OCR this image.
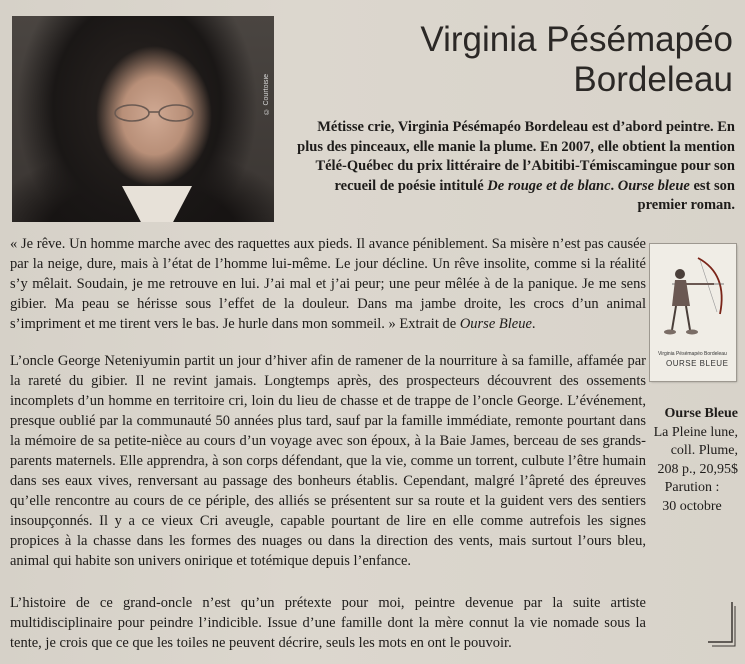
© Courtoisie
Virginia Pésémapéo
Bordeleau
Métisse crie, Virginia Pésémapéo Bordeleau est d’abord peintre. En plus des pinceaux, elle manie la plume. En 2007, elle obtient la mention Télé-Québec du prix littéraire de l’Abitibi-Témiscamingue pour son recueil de poésie intitulé De rouge et de blanc. Ourse bleue est son premier roman.
« Je rêve. Un homme marche avec des raquettes aux pieds. Il avance péniblement. Sa misère n’est pas causée par la neige, dure, mais à l’état de l’homme lui-même. Le jour décline. Un rêve insolite, comme si la réalité s’y mêlait. Soudain, je me retrouve en lui. J’ai mal et j’ai peur; une peur mêlée à de la panique. Je me sens gibier. Ma peau se hérisse sous l’effet de la douleur. Dans ma jambe droite, les crocs d’un animal s’impriment et me tirent vers le bas. Je hurle dans mon sommeil. » Extrait de Ourse Bleue.
L’oncle George Neteniyumin partit un jour d’hiver afin de ramener de la nourriture à sa famille, affamée par la rareté du gibier. Il ne revint jamais. Longtemps après, des prospecteurs découvrent des ossements incomplets d’un homme en territoire cri, loin du lieu de chasse et de trappe de l’oncle George. L’événement, presque oublié par la communauté 50 années plus tard, sauf par la famille immédiate, remonte pourtant dans la mémoire de sa petite-nièce au cours d’un voyage avec son époux, à la Baie James, berceau de ses grands-parents maternels. Elle apprendra, à son corps défendant, que la vie, comme un torrent, culbute l’être humain dans ses eaux vives, renversant au passage des bonheurs établis. Cependant, malgré l’âpreté des épreuves qu’elle rencontre au cours de ce périple, des alliés se présentent sur sa route et la guident vers des sentiers insoupçonnés. Il y a ce vieux Cri aveugle, capable pourtant de lire en elle comme autrefois les signes propices à la chasse dans les formes des nuages ou dans la direction des vents, mais surtout l’ours bleu, animal qui habite son univers onirique et totémique depuis l’enfance.
L’histoire de ce grand-oncle n’est qu’un prétexte pour moi, peintre devenue par la suite artiste multidisciplinaire pour peindre l’indicible. Issue d’une famille dont la mère connut la vie nomade sous la tente, je crois que ce que les toiles ne peuvent décrire, seuls les mots en ont le pouvoir.
Virginia Pésémapéo Bordeleau
OURSE BLEUE
Ourse Bleue
La Pleine lune,
coll. Plume,
208 p., 20,95$
Parution :
30 octobre
